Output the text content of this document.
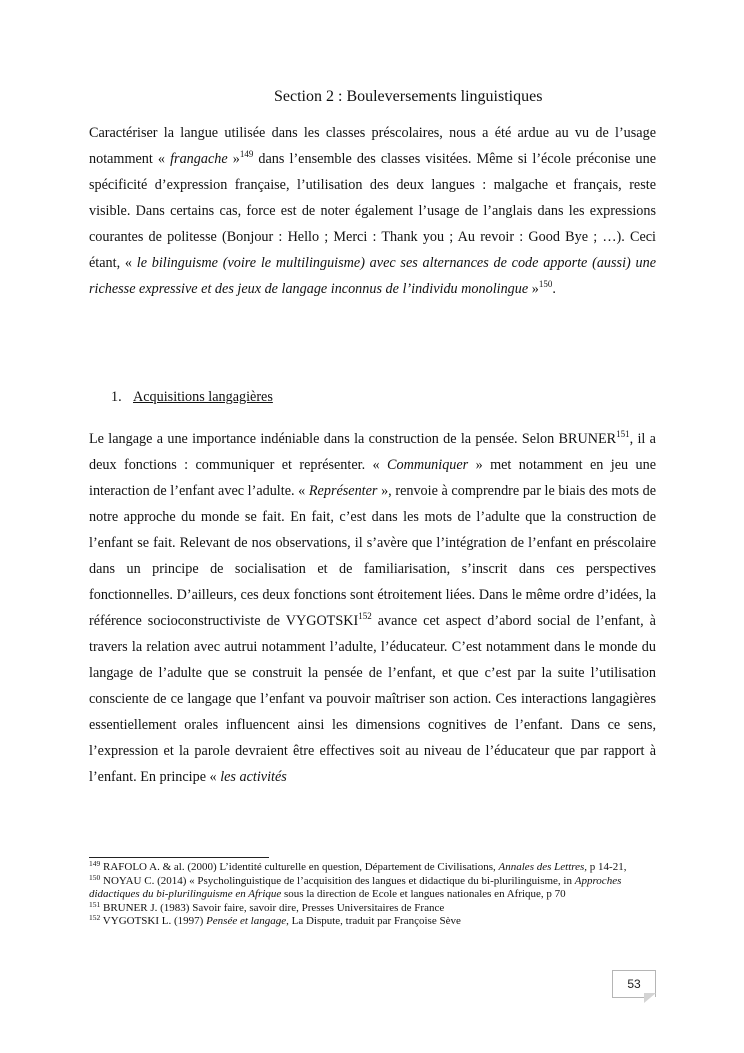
Section 2 : Bouleversements linguistiques
Caractériser la langue utilisée dans les classes préscolaires, nous a été ardue au vu de l’usage notamment « frangache »$^{149}$ dans l’ensemble des classes visitées. Même si l’école préconise une spécificité d’expression française, l’utilisation des deux langues : malgache et français, reste visible. Dans certains cas, force est de noter également l’usage de l’anglais dans les expressions courantes de politesse (Bonjour : Hello ; Merci : Thank you ; Au revoir : Good Bye ; …). Ceci étant, « le bilinguisme (voire le multilinguisme) avec ses alternances de code apporte (aussi) une richesse expressive et des jeux de langage inconnus de l’individu monolingue »$^{150}$.
1. Acquisitions langagières
Le langage a une importance indéniable dans la construction de la pensée. Selon BRUNER$^{151}$, il a deux fonctions : communiquer et représenter. « Communiquer » met notamment en jeu une interaction de l’enfant avec l’adulte. « Représenter », renvoie à comprendre par le biais des mots de notre approche du monde se fait. En fait, c’est dans les mots de l’adulte que la construction de l’enfant se fait. Relevant de nos observations, il s’avère que l’intégration de l’enfant en préscolaire dans un principe de socialisation et de familiarisation, s’inscrit dans ces perspectives fonctionnelles. D’ailleurs, ces deux fonctions sont étroitement liées. Dans le même ordre d’idées, la référence socioconstructiviste de VYGOTSKI$^{152}$ avance cet aspect d’abord social de l’enfant, à travers la relation avec autrui notamment l’adulte, l’éducateur. C’est notamment dans le monde du langage de l’adulte que se construit la pensée de l’enfant, et que c’est par la suite l’utilisation consciente de ce langage que l’enfant va pouvoir maîtriser son action. Ces interactions langagières essentiellement orales influencent ainsi les dimensions cognitives de l’enfant. Dans ce sens, l’expression et la parole devraient être effectives soit au niveau de l’éducateur que par rapport à l’enfant. En principe « les activités
$^{149}$ RAFOLO A. & al. (2000) L’identité culturelle en question, Département de Civilisations, Annales des Lettres, p 14-21,
$^{150}$ NOYAU C. (2014) « Psycholinguistique de l’acquisition des langues et didactique du bi-plurilinguisme, in Approches didactiques du bi-plurilinguisme en Afrique sous la direction de Ecole et langues nationales en Afrique, p 70
$^{151}$ BRUNER J. (1983) Savoir faire, savoir dire, Presses Universitaires de France
$^{152}$ VYGOTSKI L. (1997) Pensée et langage, La Dispute, traduit par Françoise Sève
53
